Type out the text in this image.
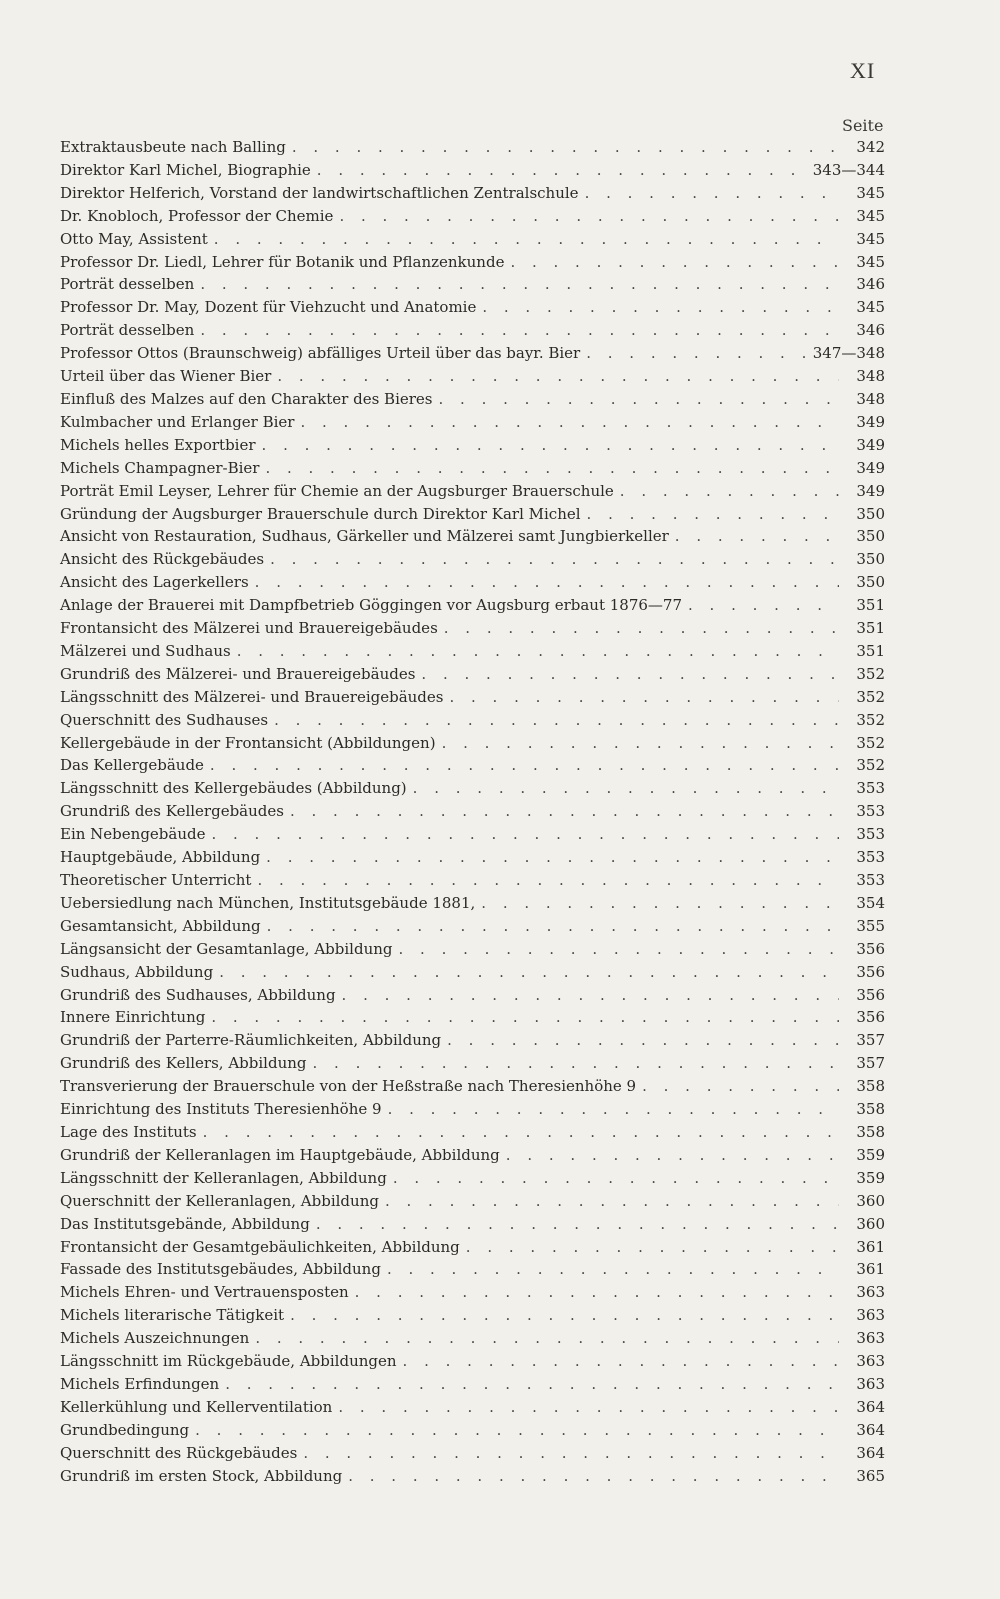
XI
Seite
Extraktausbeute nach Balling . . .	342
Direktor Karl Michel, Biographie . . .	343—344
Direktor Helferich, Vorstand der landwirtschaftlichen Zentralschule . . .	345
Dr. Knobloch, Professor der Chemie . . .	345
Otto May, Assistent . . .	345
Professor Dr. Liedl, Lehrer für Botanik und Pflanzenkunde . . .	345
Porträt desselben . . .	346
Professor Dr. May, Dozent für Viehzucht und Anatomie . . .	345
Porträt desselben . . .	346
Professor Ottos (Braunschweig) abfälliges Urteil über das bayr. Bier . . .	347—348
Urteil über das Wiener Bier . . .	348
Einfluß des Malzes auf den Charakter des Bieres . . .	348
Kulmbacher und Erlanger Bier . . .	349
Michels helles Exportbier . . .	349
Michels Champagner-Bier . . .	349
Porträt Emil Leyser, Lehrer für Chemie an der Augsburger Brauerschule . . .	349
Gründung der Augsburger Brauerschule durch Direktor Karl Michel . . .	350
Ansicht von Restauration, Sudhaus, Gärkeller und Mälzerei samt Jungbierkeller . . .	350
Ansicht des Rückgebäudes . . .	350
Ansicht des Lagerkellers . . .	350
Anlage der Brauerei mit Dampfbetrieb Göggingen vor Augsburg erbaut 1876—77 . . .	351
Frontansicht des Mälzerei und Brauereigebäudes . . .	351
Mälzerei und Sudhaus . . .	351
Grundriß des Mälzerei- und Brauereigebäudes . . .	352
Längsschnitt des Mälzerei- und Brauereigebäudes . . .	352
Querschnitt des Sudhauses . . .	352
Kellergebäude in der Frontansicht (Abbildungen) . . .	352
Das Kellergebäude . . .	352
Längsschnitt des Kellergebäudes (Abbildung) . . .	353
Grundriß des Kellergebäudes . . .	353
Ein Nebengebäude . . .	353
Hauptgebäude, Abbildung . . .	353
Theoretischer Unterricht . . .	353
Uebersiedlung nach München, Institutsgebäude 1881, . . .	354
Gesamtansicht, Abbildung . . .	355
Längsansicht der Gesamtanlage, Abbildung . . .	356
Sudhaus, Abbildung . . .	356
Grundriß des Sudhauses, Abbildung . . .	356
Innere Einrichtung . . .	356
Grundriß der Parterre-Räumlichkeiten, Abbildung . . .	357
Grundriß des Kellers, Abbildung . . .	357
Transverierung der Brauerschule von der Heßstraße nach Theresienhöhe 9 . . .	358
Einrichtung des Instituts Theresienhöhe 9 . . .	358
Lage des Instituts . . .	358
Grundriß der Kelleranlagen im Hauptgebäude, Abbildung . . .	359
Längsschnitt der Kelleranlagen, Abbildung . . .	359
Querschnitt der Kelleranlagen, Abbildung . . .	360
Das Institutsgebände, Abbildung . . .	360
Frontansicht der Gesamtgebäulichkeiten, Abbildung . . .	361
Fassade des Institutsgebäudes, Abbildung . . .	361
Michels Ehren- und Vertrauensposten . . .	363
Michels literarische Tätigkeit . . .	363
Michels Auszeichnungen . . .	363
Längsschnitt im Rückgebäude, Abbildungen . . .	363
Michels Erfindungen . . .	363
Kellerkühlung und Kellerventilation . . .	364
Grundbedingung . . .	364
Querschnitt des Rückgebäudes . . .	364
Grundriß im ersten Stock, Abbildung . . .	365
